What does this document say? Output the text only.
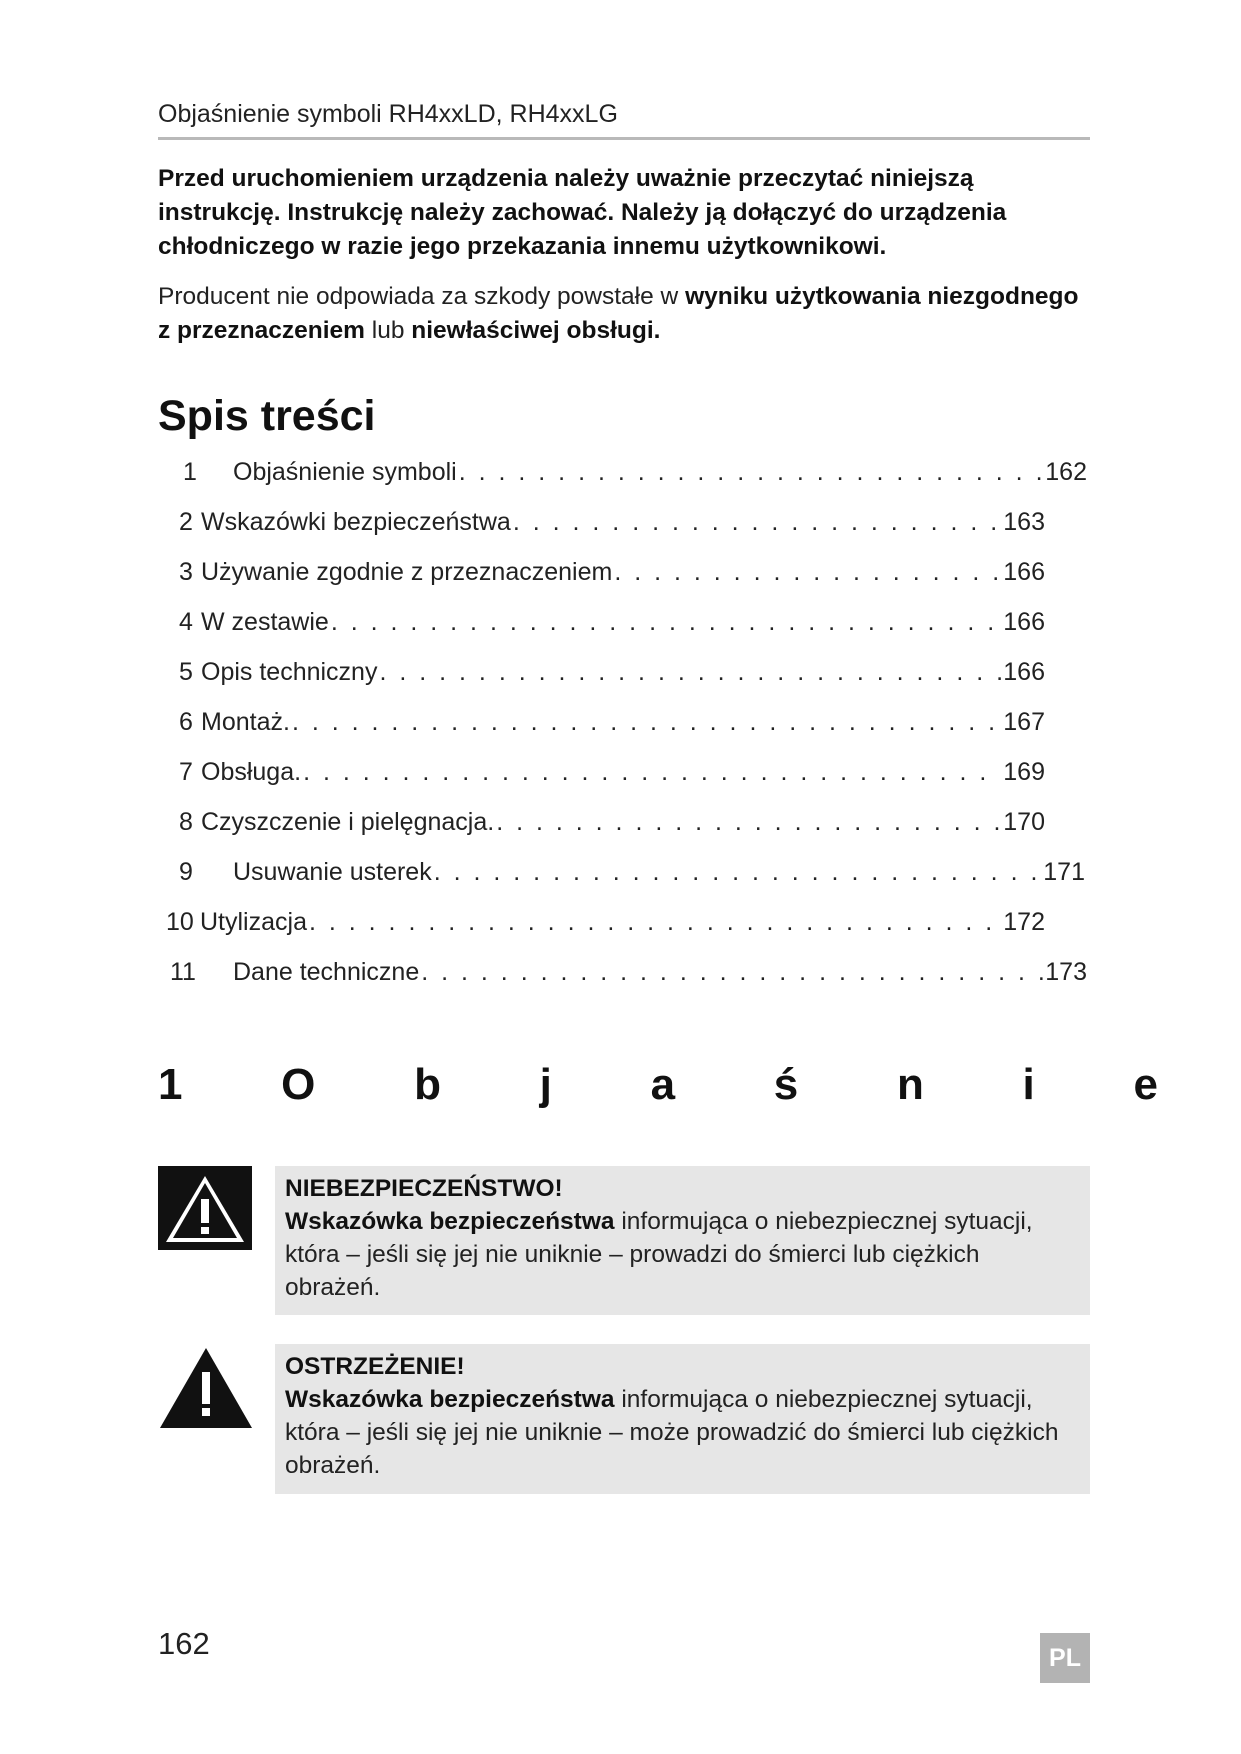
Objaśnienie symboli RH4xxLD, RH4xxLG
Przed uruchomieniem urządzenia należy uważnie przeczytać niniejszą
instrukcję. Instrukcję należy zachować. Należy ją dołączyć do urządzenia
chłodniczego w razie jego przekazania innemu użytkownikowi.
Producent nie odpowiada za szkody powstałe w wyniku użytkowania niezgodnego z przeznaczeniem lub niewłaściwej obsługi.
Spis treści
1	Objaśnienie symboli . . .	162
2 Wskazówki bezpieczeństwa . . .	163
3 Używanie zgodnie z przeznaczeniem . . .	166
4 W zestawie . . .	166
5 Opis techniczny . . .	166
6 Montaż. . . .	167
7 Obsługa. . . .	169
8 Czyszczenie i pielęgnacja. . . .	170
9	Usuwanie usterek . . .	171
10 Utylizacja . . .	172
11	Dane techniczne . . .	173
1 O b j a ś n i e
NIEBEZPIECZEŃSTWO!
Wskazówka bezpieczeństwa informująca o niebezpiecznej sytuacji,
która – jeśli się jej nie uniknie – prowadzi do śmierci lub ciężkich
obrażeń.
OSTRZEŻENIE!
Wskazówka bezpieczeństwa informująca o niebezpiecznej sytuacji,
która – jeśli się jej nie uniknie – może prowadzić do śmierci lub ciężkich
obrażeń.
162	PL
